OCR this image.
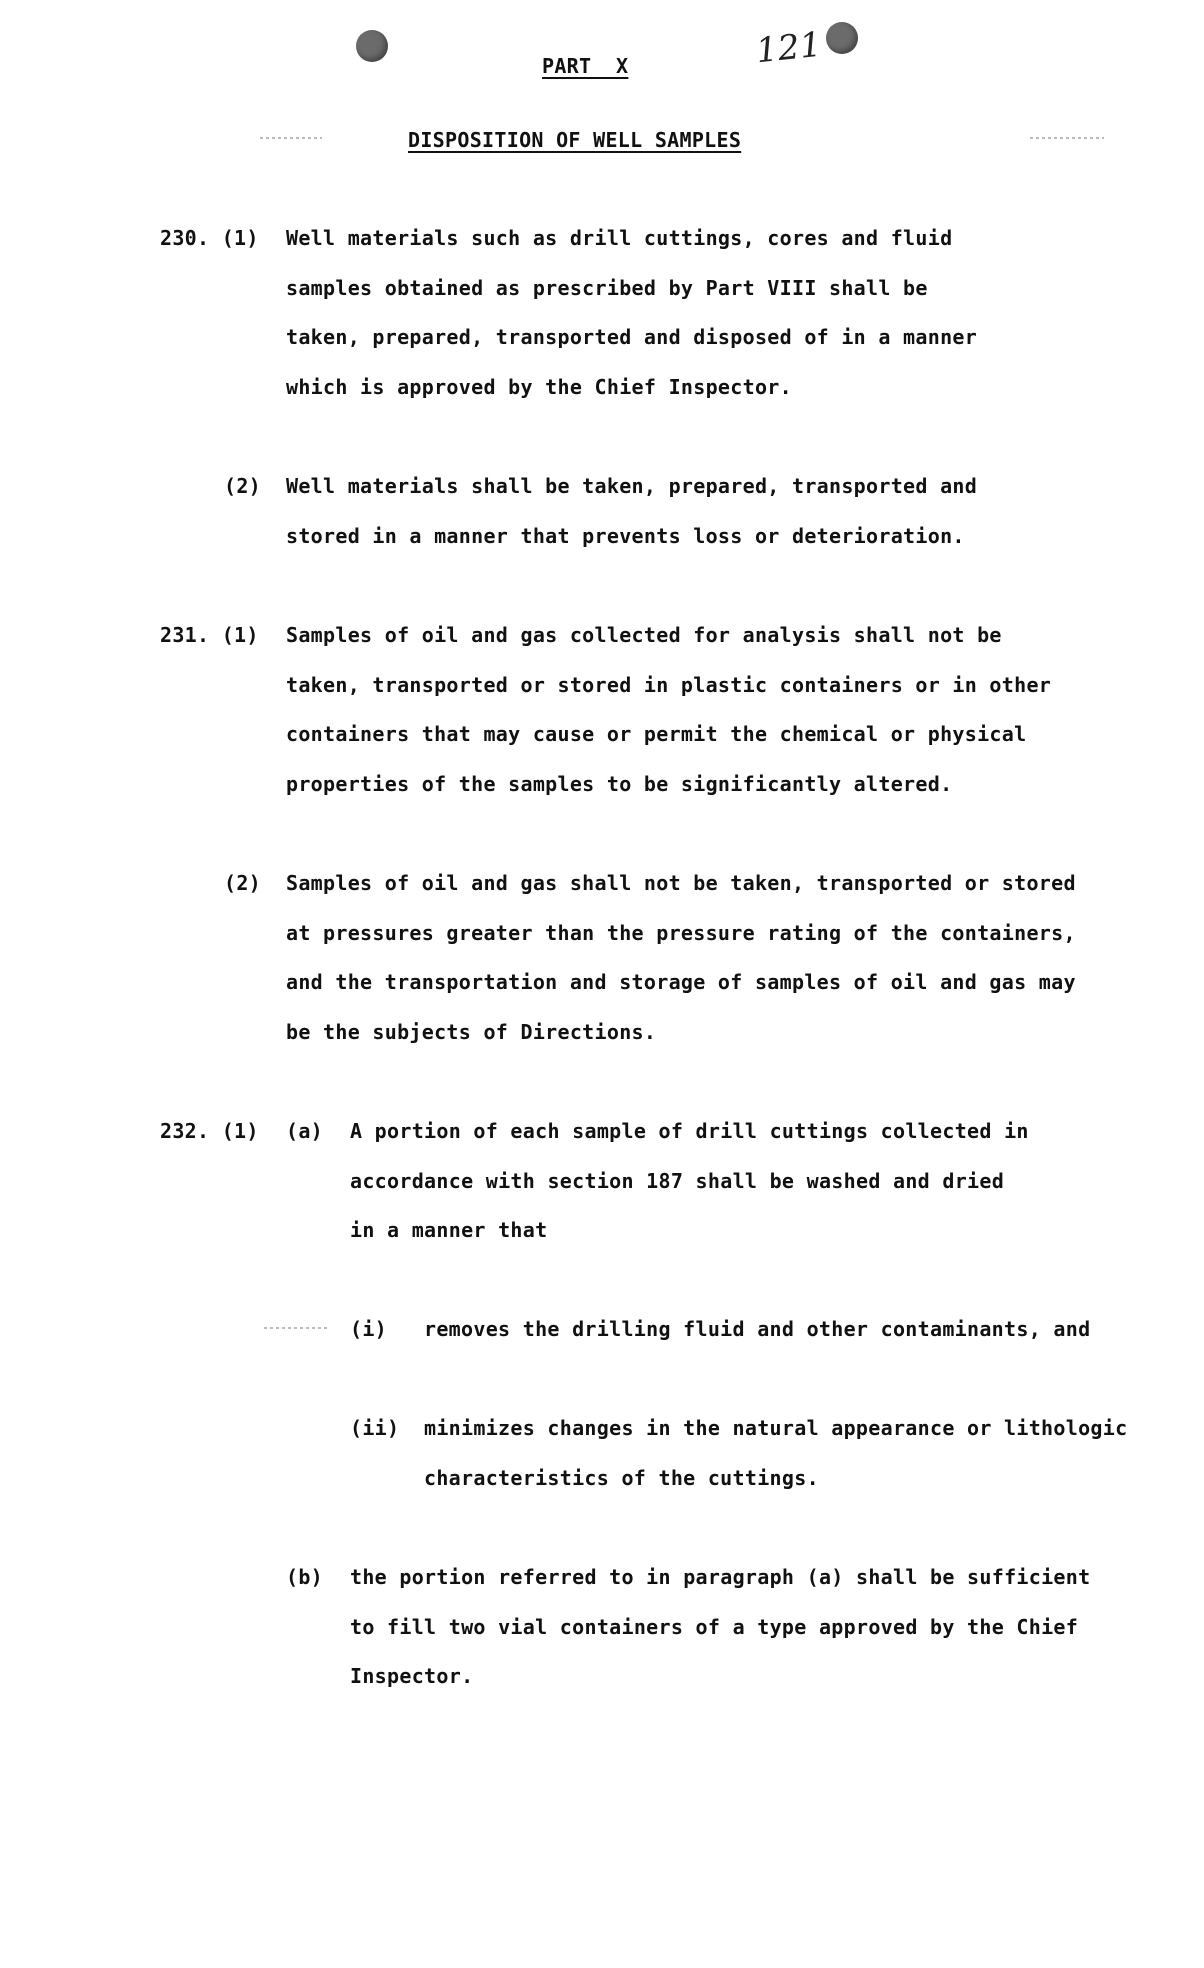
121
PART  X
DISPOSITION OF WELL SAMPLES
230. (1) Well materials such as drill cuttings, cores and fluid
samples obtained as prescribed by Part VIII shall be
taken, prepared, transported and disposed of in a manner
which is approved by the Chief Inspector.
(2) Well materials shall be taken, prepared, transported and
stored in a manner that prevents loss or deterioration.
231. (1) Samples of oil and gas collected for analysis shall not be
taken, transported or stored in plastic containers or in other
containers that may cause or permit the chemical or physical
properties of the samples to be significantly altered.
(2) Samples of oil and gas shall not be taken, transported or stored
at pressures greater than the pressure rating of the containers,
and the transportation and storage of samples of oil and gas may
be the subjects of Directions.
232. (1) (a) A portion of each sample of drill cuttings collected in
accordance with section 187 shall be washed and dried
in a manner that
(i) removes the drilling fluid and other contaminants, and
(ii) minimizes changes in the natural appearance or lithologic
characteristics of the cuttings.
(b) the portion referred to in paragraph (a) shall be sufficient
to fill two vial containers of a type approved by the Chief
Inspector.
